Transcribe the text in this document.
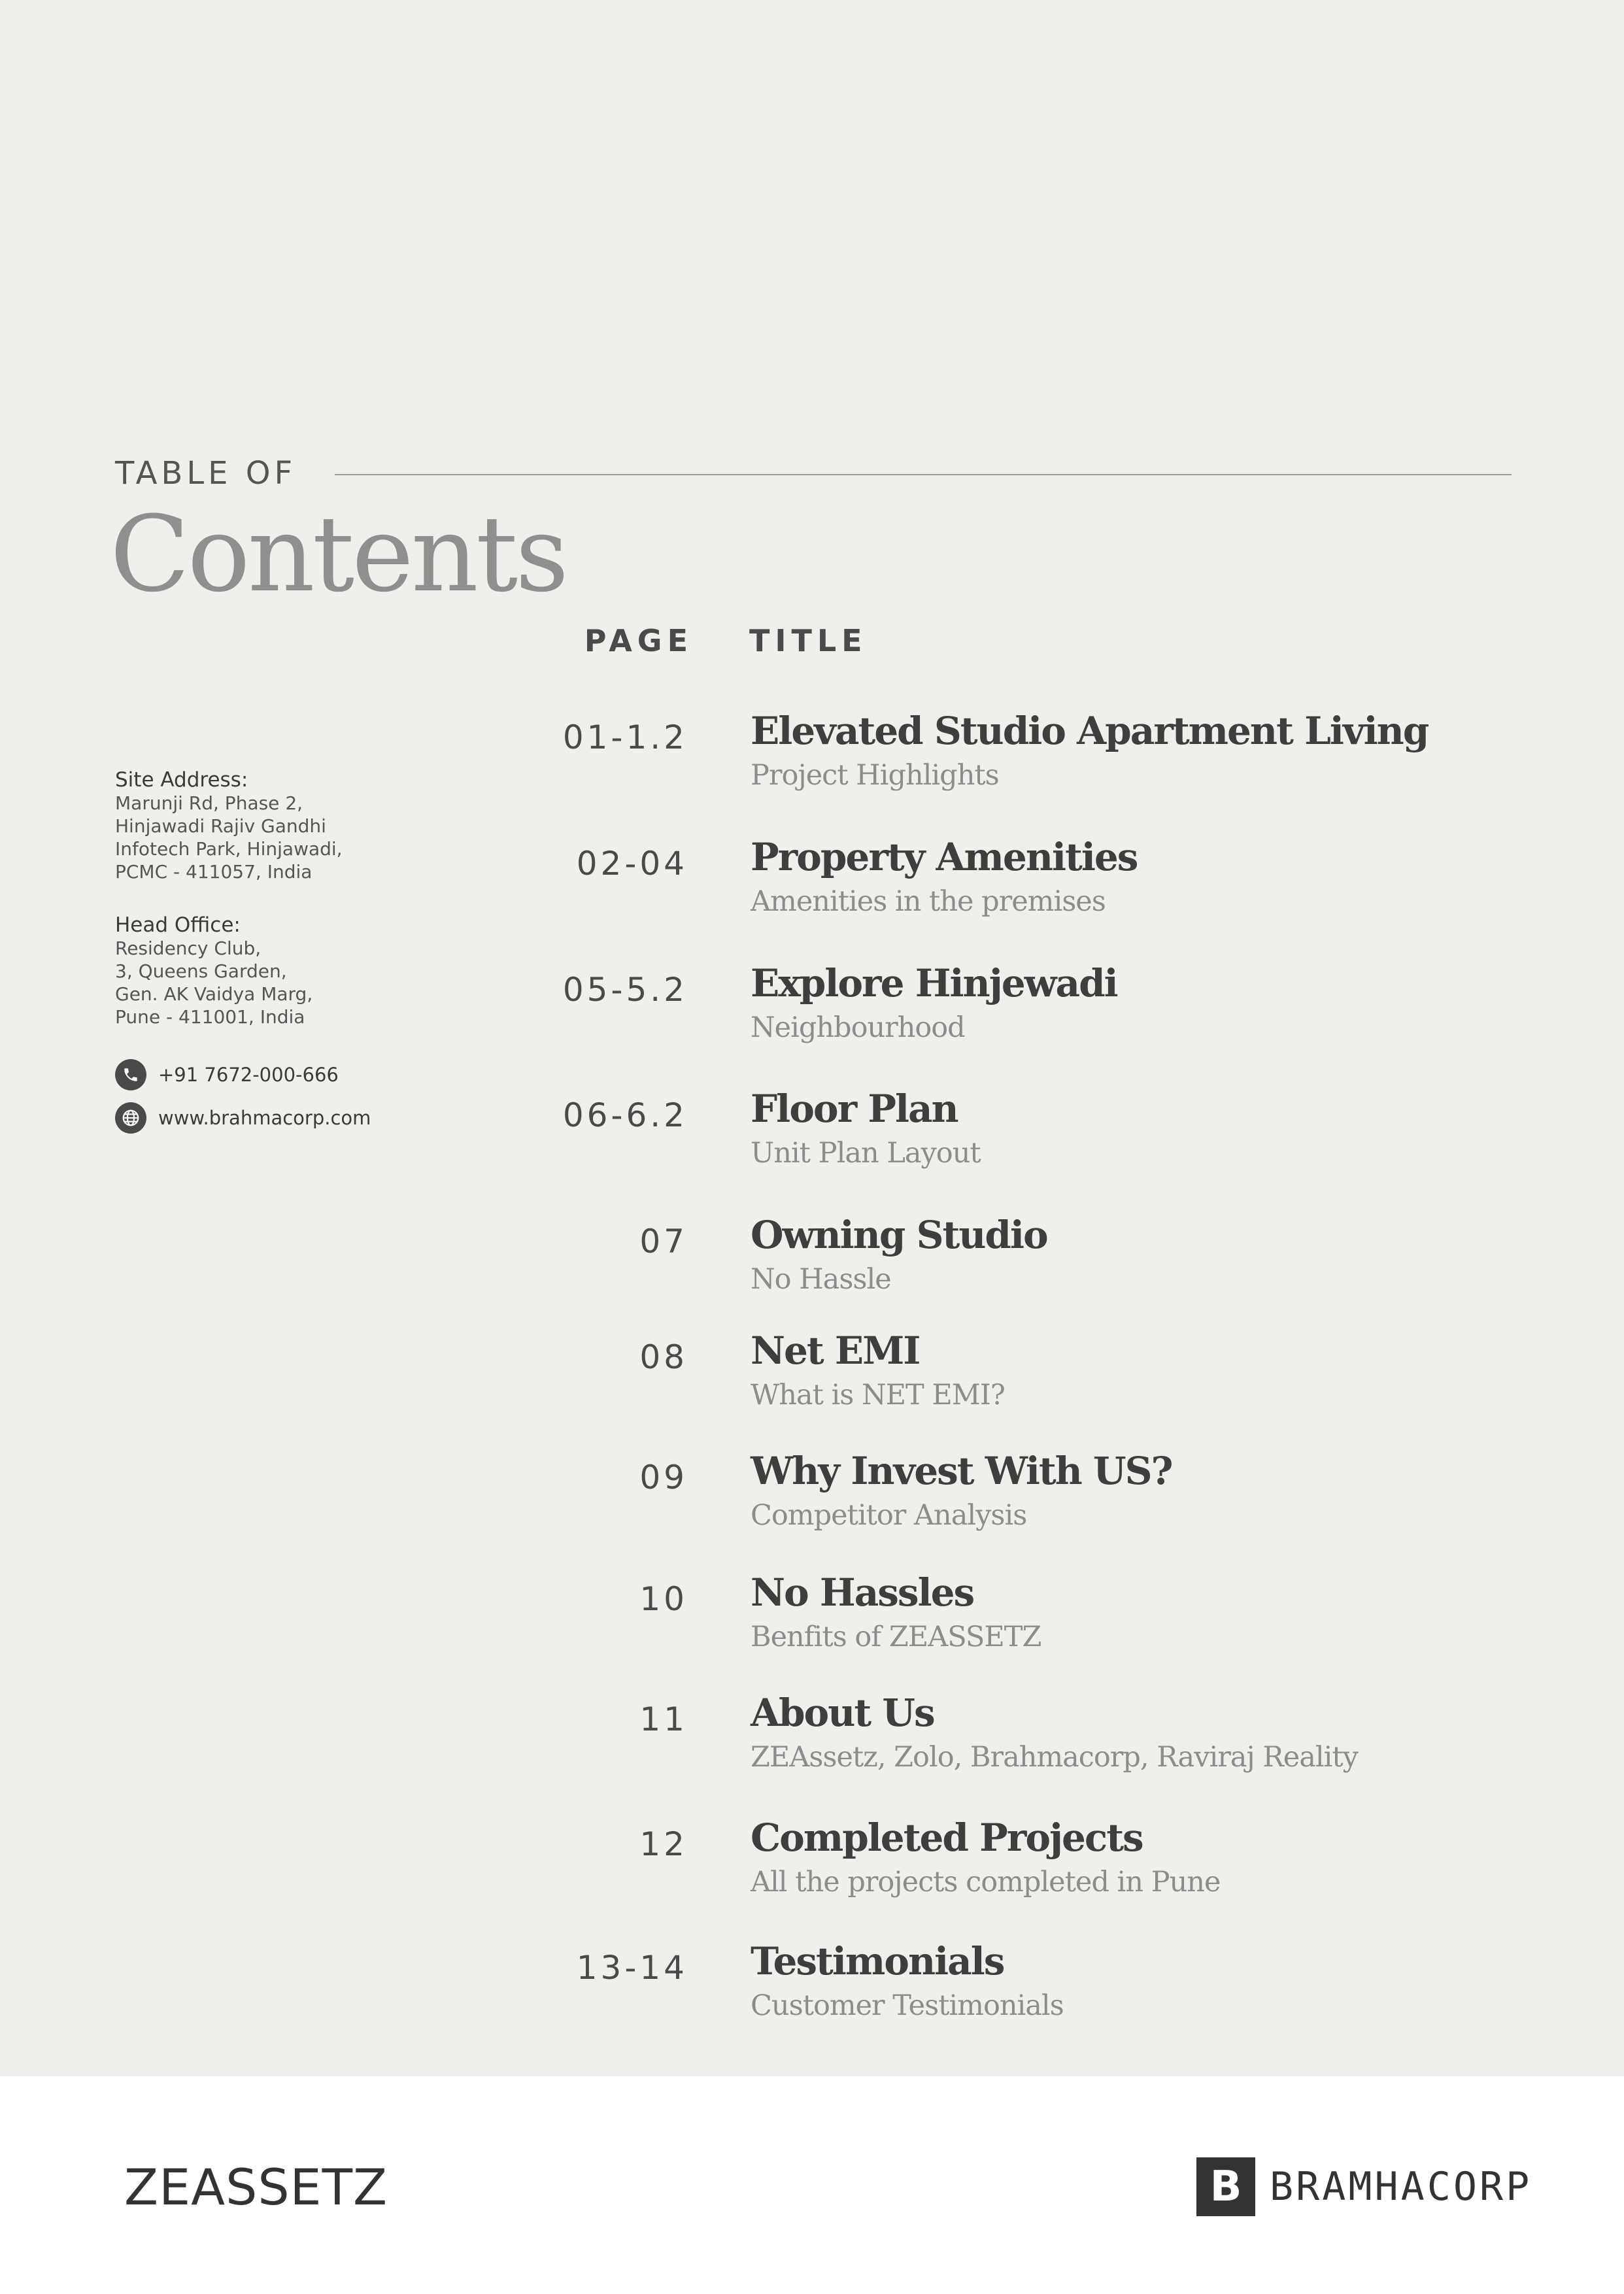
TABLE OF
Contents
PAGE TITLE
Site Address:
Marunji Rd, Phase 2,
Hinjawadi Rajiv Gandhi
Infotech Park, Hinjawadi,
PCMC - 411057, India
Head Office:
Residency Club,
3, Queens Garden,
Gen. AK Vaidya Marg,
Pune - 411001, India
+91 7672-000-666
www.brahmacorp.com
01-1.2 Elevated Studio Apartment Living
Project Highlights
02-04 Property Amenities
Amenities in the premises
05-5.2 Explore Hinjewadi
Neighbourhood
06-6.2 Floor Plan
Unit Plan Layout
07 Owning Studio
No Hassle
08 Net EMI
What is NET EMI?
09 Why Invest With US?
Competitor Analysis
10 No Hassles
Benfits of ZEASSETZ
11 About Us
ZEAssetz, Zolo, Brahmacorp, Raviraj Reality
12 Completed Projects
All the projects completed in Pune
13-14 Testimonials
Customer Testimonials
ZEASSETZ	B BRAMHACORP
